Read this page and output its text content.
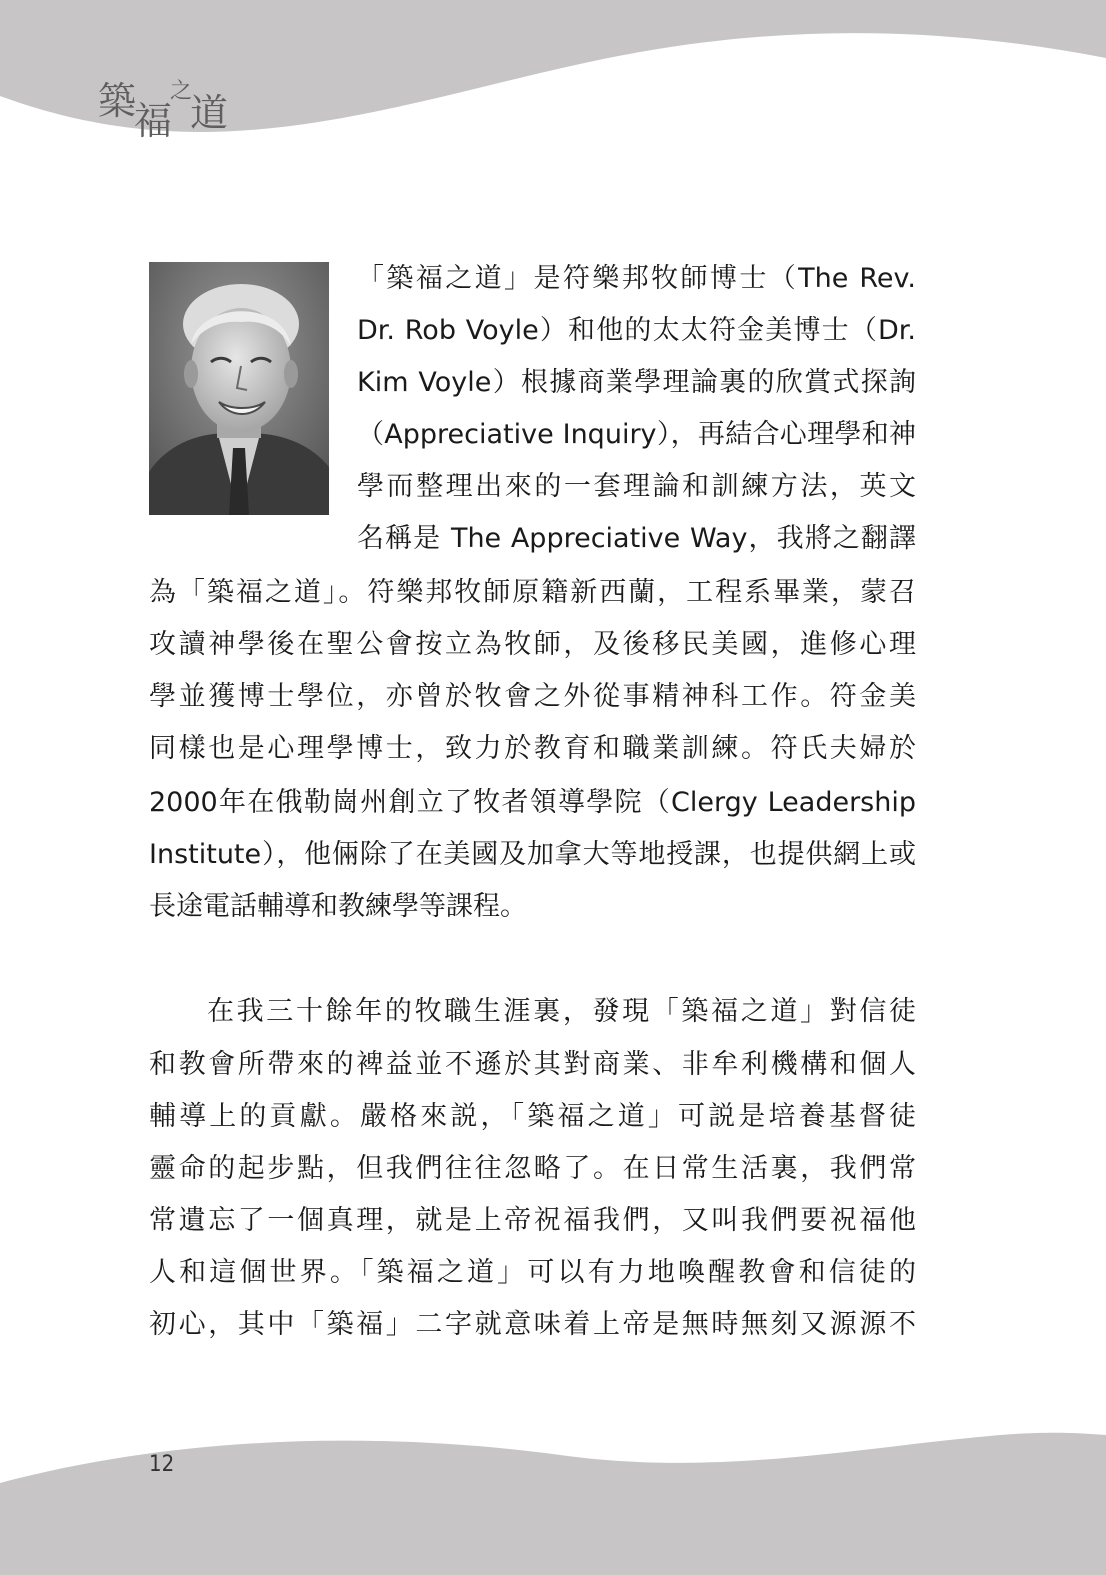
築
福
之
道
「築福之道」是符樂邦牧師博士（The Rev.
Dr. Rob Voyle）和他的太太符金美博士（Dr.
Kim Voyle）根據商業學理論裏的欣賞式探詢
（Appreciative Inquiry），再結合心理學和神
學而整理出來的一套理論和訓練方法，英文
名稱是 The Appreciative Way，我將之翻譯
為「築福之道」。符樂邦牧師原籍新西蘭，工程系畢業，蒙召
攻讀神學後在聖公會按立為牧師，及後移民美國，進修心理
學並獲博士學位，亦曾於牧會之外從事精神科工作。符金美
同樣也是心理學博士，致力於教育和職業訓練。符氏夫婦於
2000年在俄勒崗州創立了牧者領導學院（Clergy Leadership
Institute），他倆除了在美國及加拿大等地授課，也提供網上或
長途電話輔導和教練學等課程。
在我三十餘年的牧職生涯裏，發現「築福之道」對信徒
和教會所帶來的裨益並不遜於其對商業、非牟利機構和個人
輔導上的貢獻。嚴格來説，「築福之道」可説是培養基督徒
靈命的起步點，但我們往往忽略了。在日常生活裏，我們常
常遺忘了一個真理，就是上帝祝福我們，又叫我們要祝福他
人和這個世界。「築福之道」可以有力地喚醒教會和信徒的
初心，其中「築福」二字就意味着上帝是無時無刻又源源不
12
